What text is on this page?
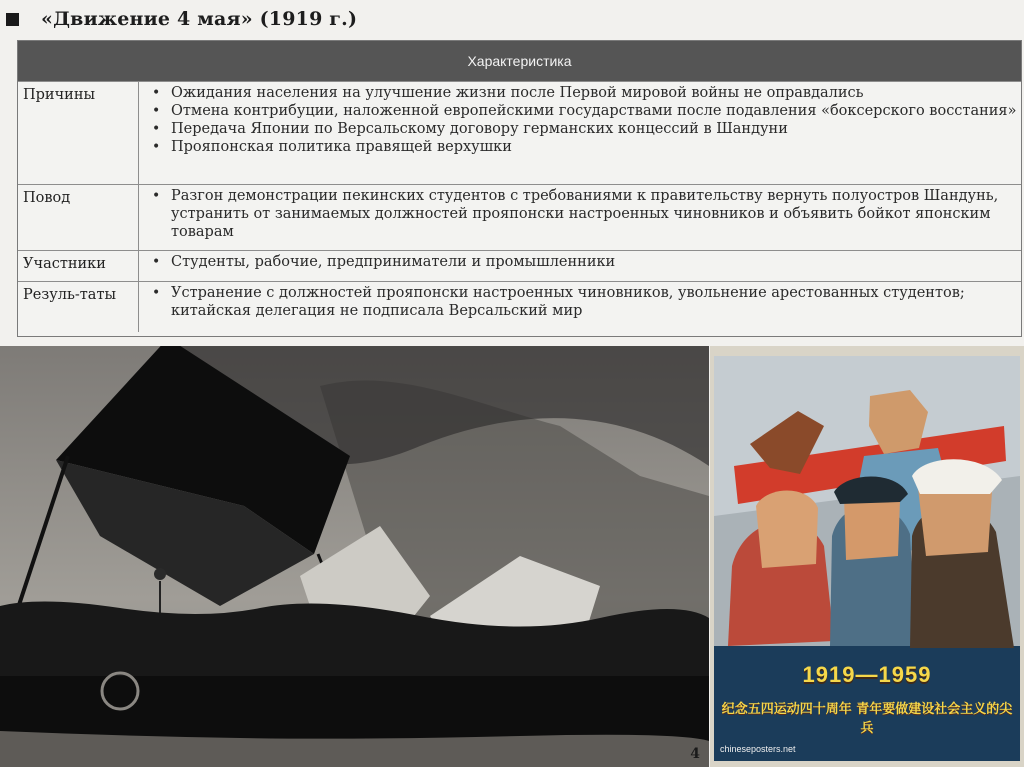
«Движение 4 мая» (1919 г.)
Характеристика
Причины	• Ожидания населения на улучшение жизни после Первой мировой войны не оправдались
• Отмена контрибуции, наложенной европейскими государствами после подавления «боксерского восстания»
• Передача Японии по Версальскому договору германских концессий в Шандуни
• Прояпонская политика правящей верхушки
Повод	• Разгон демонстрации пекинских студентов с требованиями к правительству вернуть полуостров Шандунь, устранить от занимаемых должностей прояпонски настроенных чиновников и объявить бойкот японским товарам
Участники	• Студенты, рабочие, предприниматели и промышленники
Резуль-таты	• Устранение с должностей прояпонски настроенных чиновников, увольнение арестованных студентов; китайская делегация не подписала Версальский мир
4
1919—1959
纪念五四运动四十周年 青年要做建设社会主义的尖兵
chineseposters.net
